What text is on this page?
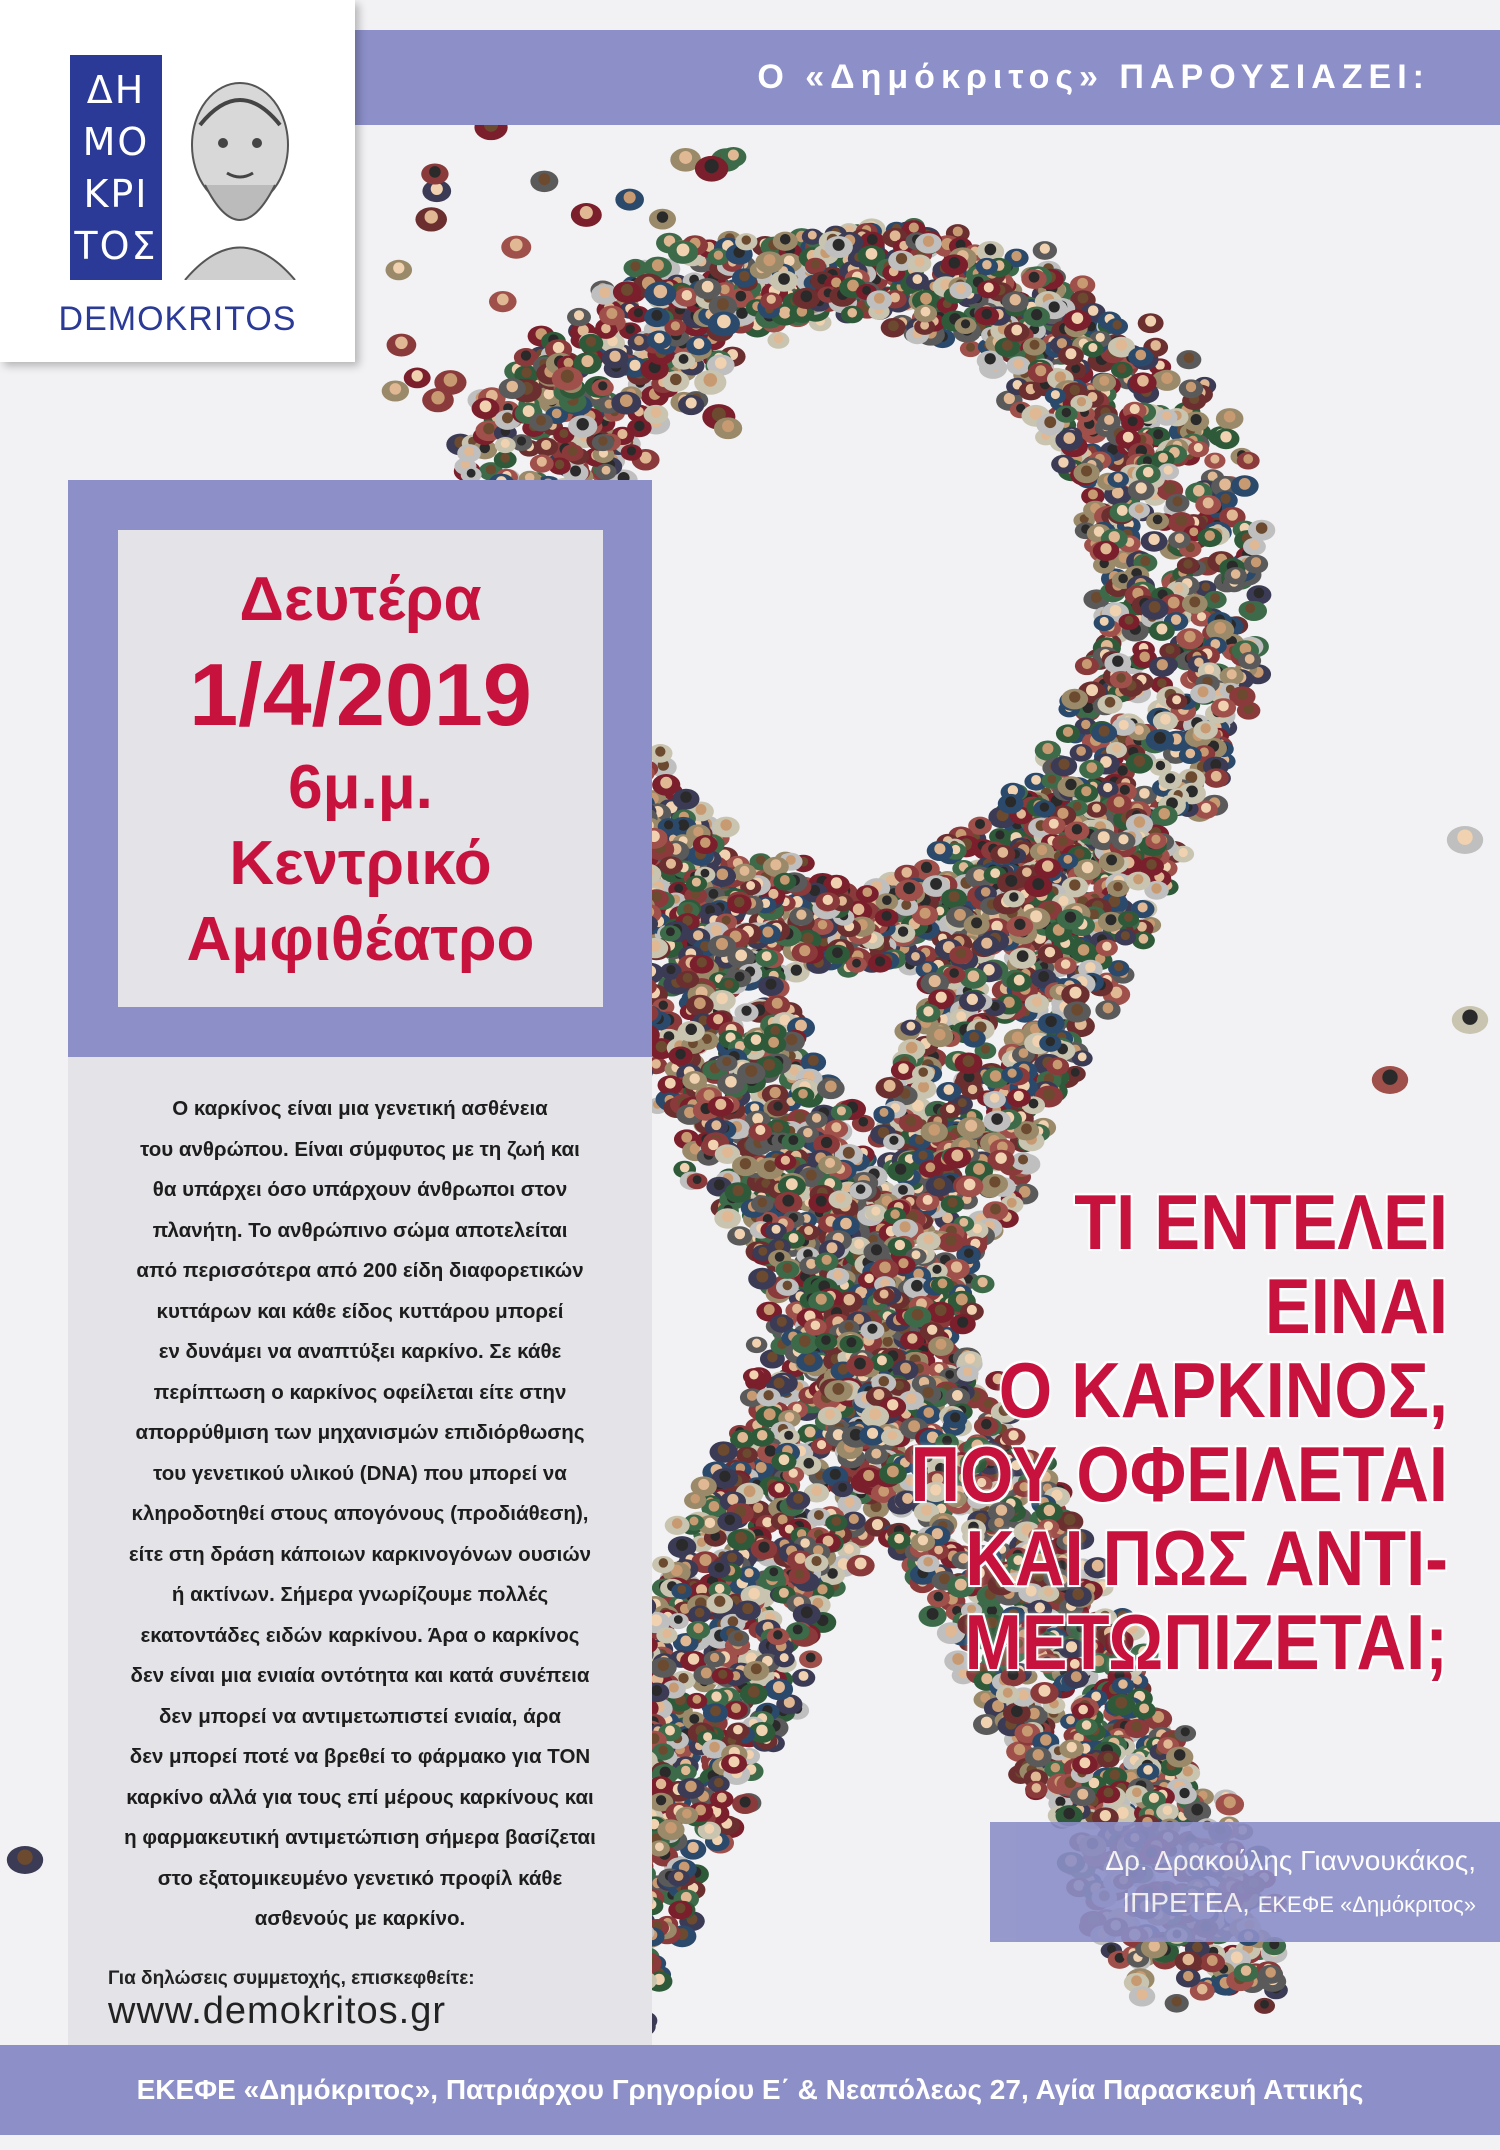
Ο «Δημόκριτος» ΠΑΡΟΥΣΙΑΖΕΙ:
ΔΗ
ΜΟ
ΚΡΙ
ΤΟΣ
DEMOKRITOS
Δευτέρα
1/4/2019
6μ.μ.
Κεντρικό
Αμφιθέατρο
Ο καρκίνος είναι μια γενετική ασθένεια
του ανθρώπου. Είναι σύμφυτος με τη ζωή και
θα υπάρχει όσο υπάρχουν άνθρωποι στον
πλανήτη. Το ανθρώπινο σώμα αποτελείται
από περισσότερα από 200 είδη διαφορετικών
κυττάρων και κάθε είδος κυττάρου μπορεί
εν δυνάμει να αναπτύξει καρκίνο. Σε κάθε
περίπτωση ο καρκίνος οφείλεται είτε στην
απορρύθμιση των μηχανισμών επιδιόρθωσης
του γενετικού υλικού (DNA) που μπορεί να
κληροδοτηθεί στους απογόνους (προδιάθεση),
είτε στη δράση κάποιων καρκινογόνων ουσιών
ή ακτίνων. Σήμερα γνωρίζουμε πολλές
εκατοντάδες ειδών καρκίνου. Άρα ο καρκίνος
δεν είναι μια ενιαία οντότητα και κατά συνέπεια
δεν μπορεί να αντιμετωπιστεί ενιαία, άρα
δεν μπορεί ποτέ να βρεθεί το φάρμακο για ΤΟΝ
καρκίνο αλλά για τους επί μέρους καρκίνους και
η φαρμακευτική αντιμετώπιση σήμερα βασίζεται
στο εξατομικευμένο γενετικό προφίλ κάθε
ασθενούς με καρκίνο.
Για δηλώσεις συμμετοχής, επισκεφθείτε:
www.demokritos.gr
ΤΙ ΕΝΤΕΛΕΙ
ΕΙΝΑΙ
Ο ΚΑΡΚΙΝΟΣ,
ΠΟΥ ΟΦΕΙΛΕΤΑΙ
ΚΑΙ ΠΩΣ ΑΝΤΙ-
ΜΕΤΩΠΙΖΕΤΑΙ;
Δρ. Δρακούλης Γιαννουκάκος,
ΙΠΡΕΤΕΑ, ΕΚΕΦΕ «Δημόκριτος»
ΕΚΕΦΕ «Δημόκριτος», Πατριάρχου Γρηγορίου Ε΄ & Νεαπόλεως 27, Αγία Παρασκευή Αττικής
